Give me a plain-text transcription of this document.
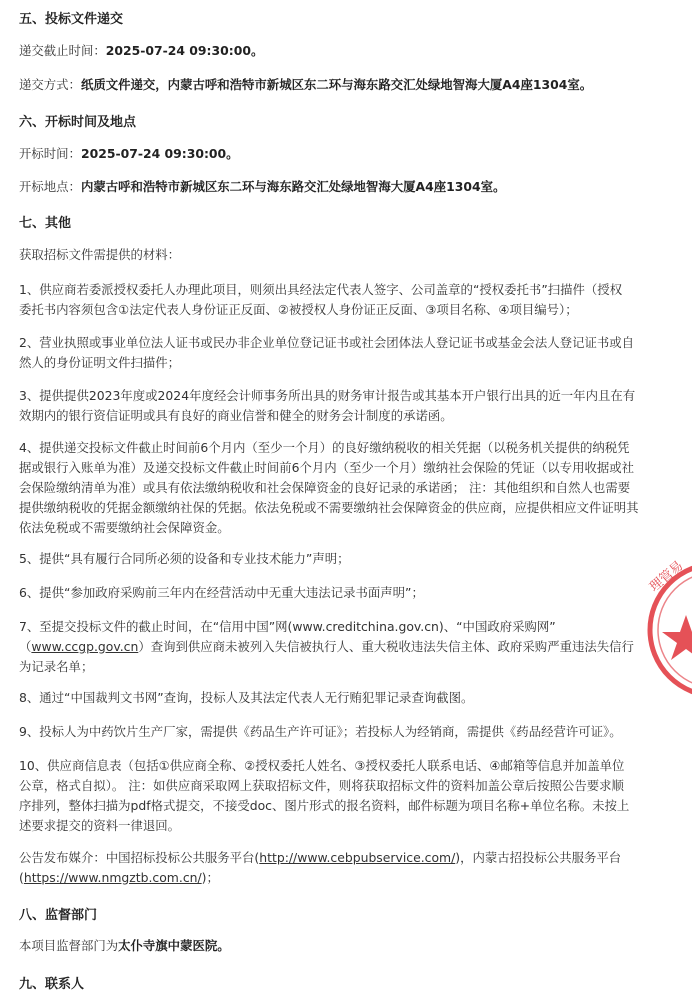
五、投标文件递交
递交截止时间：2025-07-24 09:30:00。
递交方式：纸质文件递交，内蒙古呼和浩特市新城区东二环与海东路交汇处绿地智海大厦A4座1304室。
六、开标时间及地点
开标时间：2025-07-24 09:30:00。
开标地点：内蒙古呼和浩特市新城区东二环与海东路交汇处绿地智海大厦A4座1304室。
七、其他
获取招标文件需提供的材料：
1、供应商若委派授权委托人办理此项目，则须出具经法定代表人签字、公司盖章的“授权委托书”扫描件（授权
委托书内容须包含①法定代表人身份证正反面、②被授权人身份证正反面、③项目名称、④项目编号）；
2、营业执照或事业单位法人证书或民办非企业单位登记证书或社会团体法人登记证书或基金会法人登记证书或自
然人的身份证明文件扫描件；
3、提供提供2023年度或2024年度经会计师事务所出具的财务审计报告或其基本开户银行出具的近一年内且在有
效期内的银行资信证明或具有良好的商业信誉和健全的财务会计制度的承诺函。
4、提供递交投标文件截止时间前6个月内（至少一个月）的良好缴纳税收的相关凭据（以税务机关提供的纳税凭
据或银行入账单为准）及递交投标文件截止时间前6个月内（至少一个月）缴纳社会保险的凭证（以专用收据或社
会保险缴纳清单为准）或具有依法缴纳税收和社会保障资金的良好记录的承诺函； 注：其他组织和自然人也需要
提供缴纳税收的凭据金额缴纳社保的凭据。依法免税或不需要缴纳社会保障资金的供应商，应提供相应文件证明其
依法免税或不需要缴纳社会保障资金。
5、提供“具有履行合同所必须的设备和专业技术能力”声明；
6、提供“参加政府采购前三年内在经营活动中无重大违法记录书面声明”；
7、至提交投标文件的截止时间，在“信用中国”网(www.creditchina.gov.cn)、“中国政府采购网”
（www.ccgp.gov.cn）查询到供应商未被列入失信被执行人、重大税收违法失信主体、政府采购严重违法失信行
为记录名单；
8、通过“中国裁判文书网”查询，投标人及其法定代表人无行贿犯罪记录查询截图。
9、投标人为中药饮片生产厂家，需提供《药品生产许可证》；若投标人为经销商，需提供《药品经营许可证》。
10、供应商信息表（包括①供应商全称、②授权委托人姓名、③授权委托人联系电话、④邮箱等信息并加盖单位
公章，格式自拟）。 注：如供应商采取网上获取招标文件，则将获取招标文件的资料加盖公章后按照公告要求顺
序排列，整体扫描为pdf格式提交，不接受doc、图片形式的报名资料，邮件标题为项目名称+单位名称。未按上
述要求提交的资料一律退回。
公告发布媒介：中国招标投标公共服务平台(http://www.cebpubservice.com/)，内蒙古招投标公共服务平台
(https://www.nmgztb.com.cn/)；
八、监督部门
本项目监督部门为太仆寺旗中蒙医院。
九、联系人
理管易
